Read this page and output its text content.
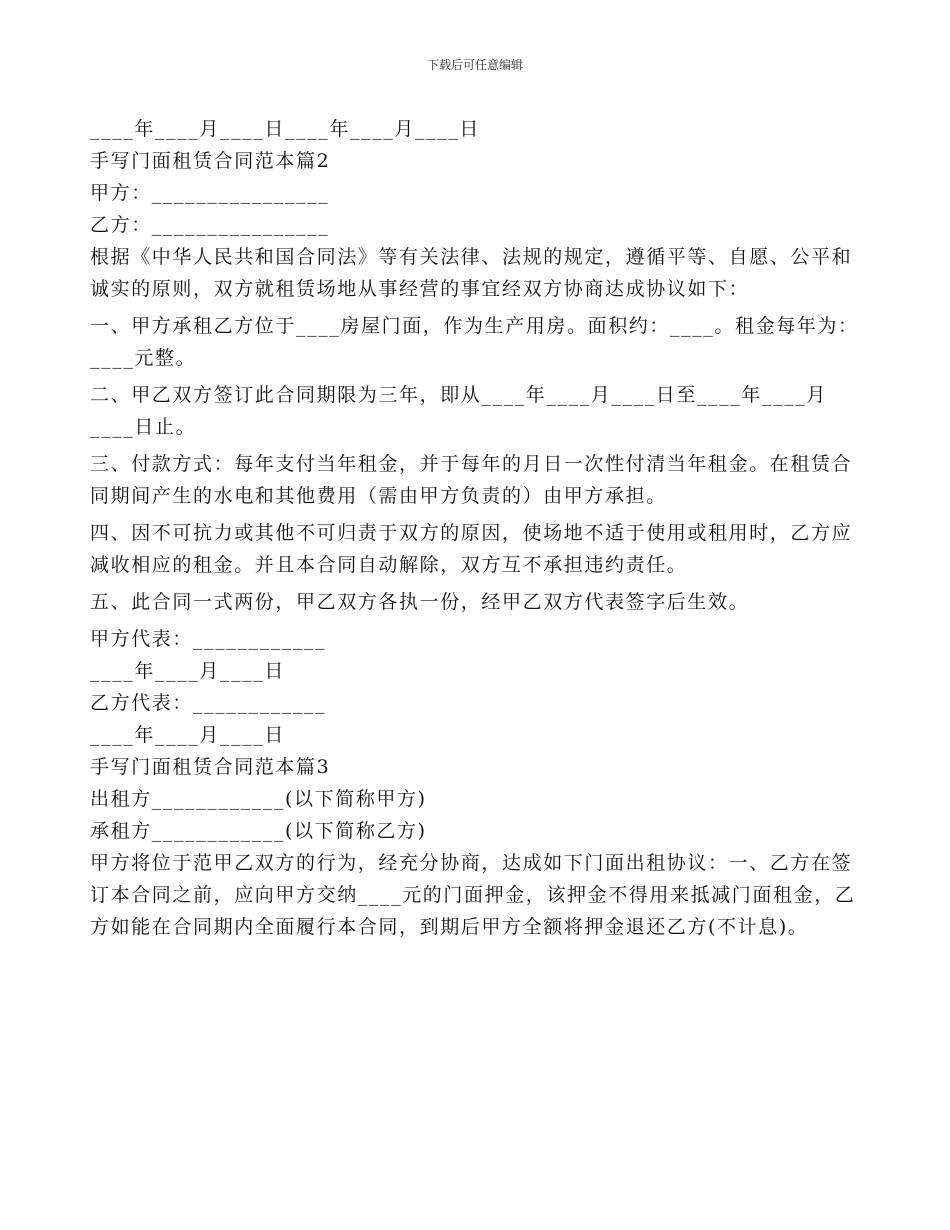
下载后可任意编辑
____年____月____日____年____月____日
手写门面租赁合同范本篇2
甲方：________________
乙方：________________
根据《中华人民共和国合同法》等有关法律、法规的规定，遵循平等、自愿、公平和诚实的原则，双方就租赁场地从事经营的事宜经双方协商达成协议如下：
一、甲方承租乙方位于____房屋门面，作为生产用房。面积约：____。租金每年为：____元整。
二、甲乙双方签订此合同期限为三年，即从____年____月____日至____年____月____日止。
三、付款方式：每年支付当年租金，并于每年的月日一次性付清当年租金。在租赁合同期间产生的水电和其他费用（需由甲方负责的）由甲方承担。
四、因不可抗力或其他不可归责于双方的原因，使场地不适于使用或租用时，乙方应减收相应的租金。并且本合同自动解除，双方互不承担违约责任。
五、此合同一式两份，甲乙双方各执一份，经甲乙双方代表签字后生效。
甲方代表：____________
____年____月____日
乙方代表：____________
____年____月____日
手写门面租赁合同范本篇3
出租方____________(以下简称甲方)
承租方____________(以下简称乙方)
甲方将位于范甲乙双方的行为，经充分协商，达成如下门面出租协议：一、乙方在签订本合同之前，应向甲方交纳____元的门面押金，该押金不得用来抵减门面租金，乙方如能在合同期内全面履行本合同，到期后甲方全额将押金退还乙方(不计息)。
